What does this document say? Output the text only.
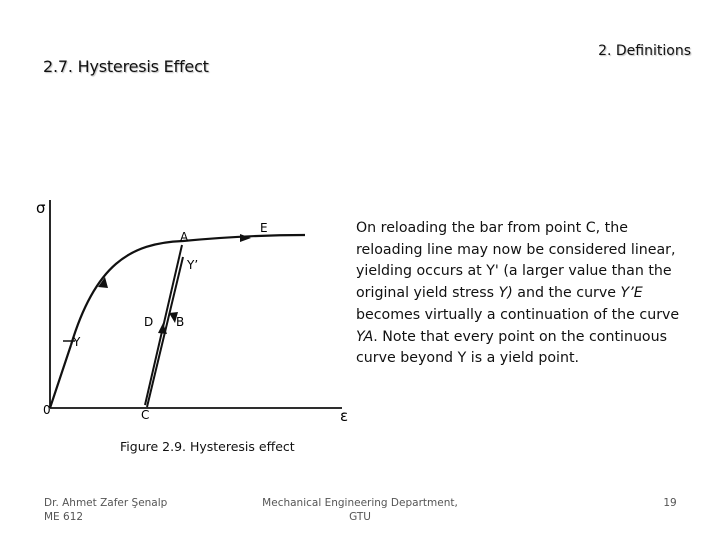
2. Definitions
2.7. Hysteresis Effect
σ
ε
0
A
E
Y’
D B
C
Y
Figure 2.9. Hysteresis effect
On reloading the bar from point C, the reloading line may now be considered linear, yielding occurs at Y' (a larger value than the original yield stress Y) and the curve Y’E becomes virtually a continuation of the curve YA. Note that every point on the continuous curve beyond Y is a yield point.
Dr. Ahmet Zafer Şenalp
ME 612
Mechanical Engineering Department,
GTU
19
